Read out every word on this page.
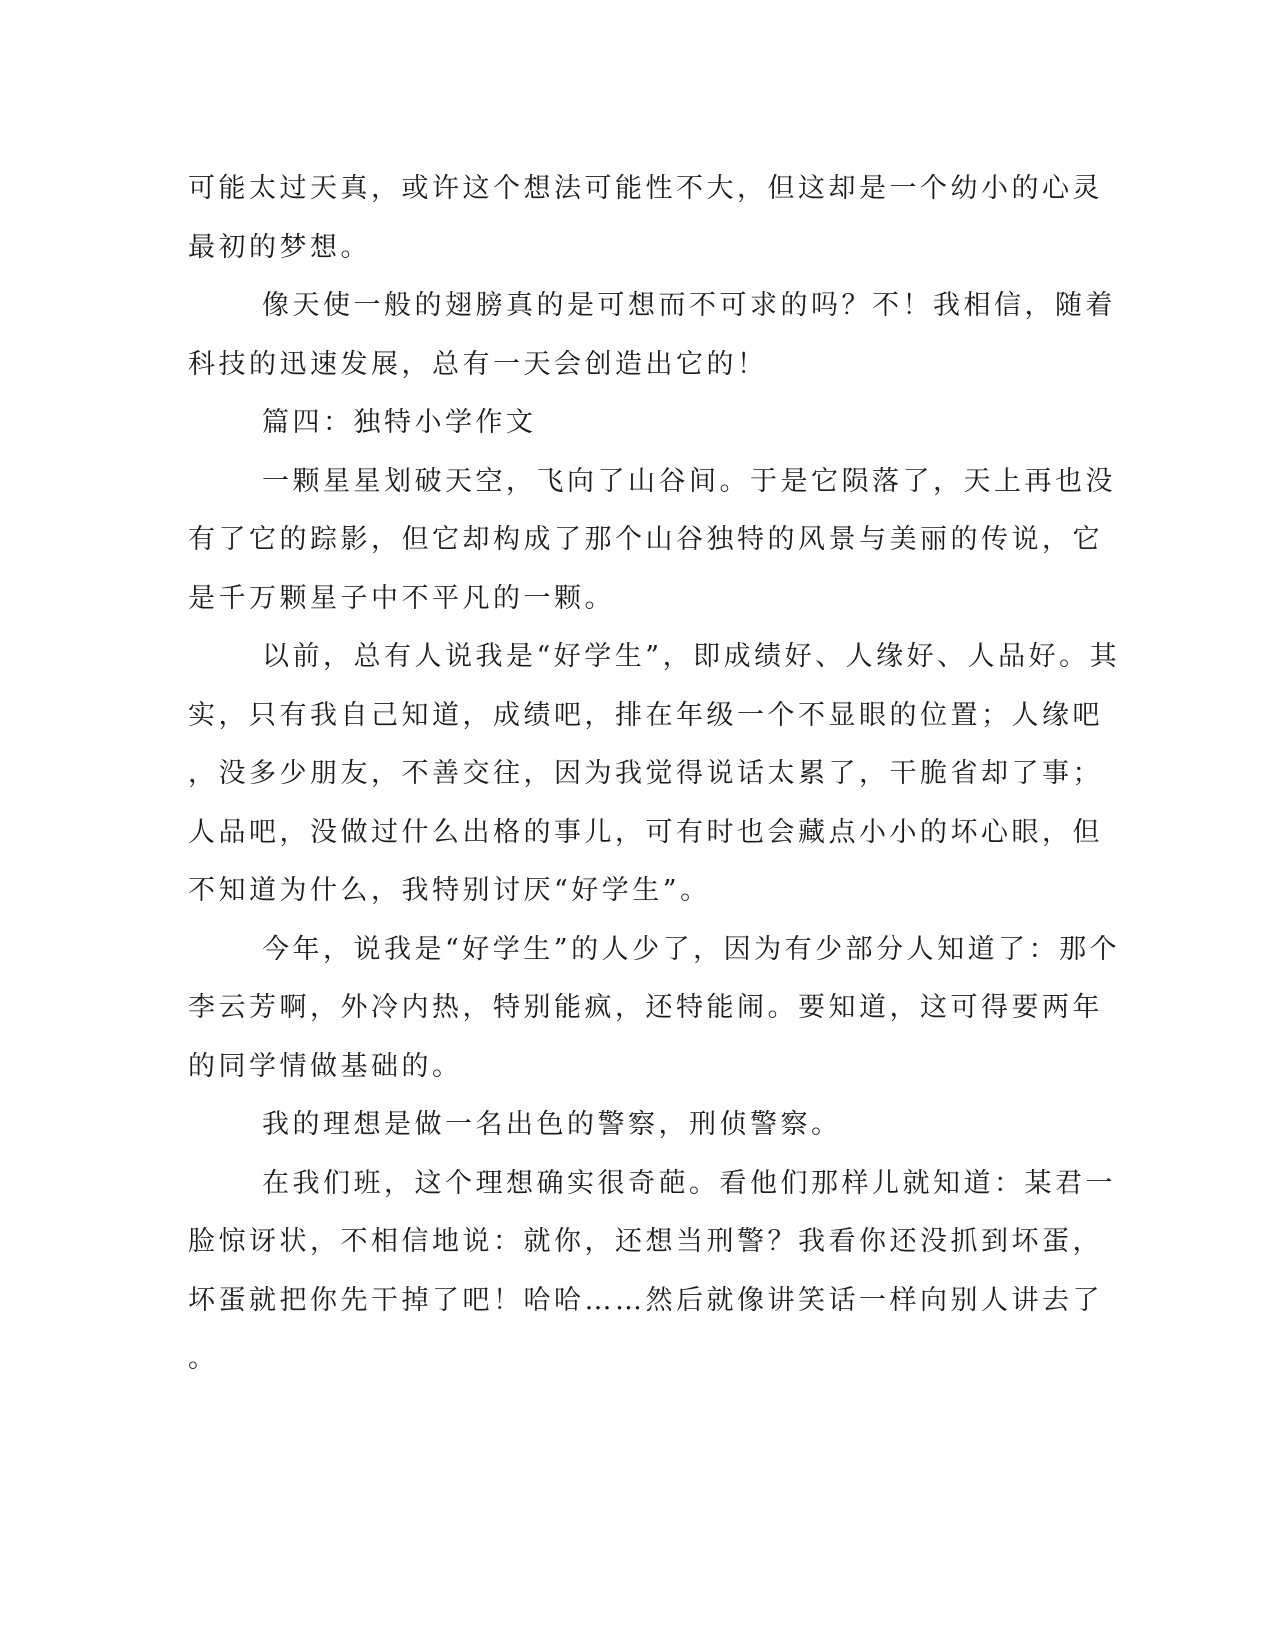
可能太过天真，或许这个想法可能性不大，但这却是一个幼小的心灵
最初的梦想。
像天使一般的翅膀真的是可想而不可求的吗？不！我相信，随着
科技的迅速发展，总有一天会创造出它的！
篇四：独特小学作文
一颗星星划破天空，飞向了山谷间。于是它陨落了，天上再也没
有了它的踪影，但它却构成了那个山谷独特的风景与美丽的传说，它
是千万颗星子中不平凡的一颗。
以前，总有人说我是“好学生”，即成绩好、人缘好、人品好。其
实，只有我自己知道，成绩吧，排在年级一个不显眼的位置；人缘吧
，没多少朋友，不善交往，因为我觉得说话太累了，干脆省却了事；
人品吧，没做过什么出格的事儿，可有时也会藏点小小的坏心眼，但
不知道为什么，我特别讨厌“好学生”。
今年，说我是“好学生”的人少了，因为有少部分人知道了：那个
李云芳啊，外冷内热，特别能疯，还特能闹。要知道，这可得要两年
的同学情做基础的。
我的理想是做一名出色的警察，刑侦警察。
在我们班，这个理想确实很奇葩。看他们那样儿就知道：某君一
脸惊讶状，不相信地说：就你，还想当刑警？我看你还没抓到坏蛋，
坏蛋就把你先干掉了吧！哈哈……然后就像讲笑话一样向别人讲去了
。
